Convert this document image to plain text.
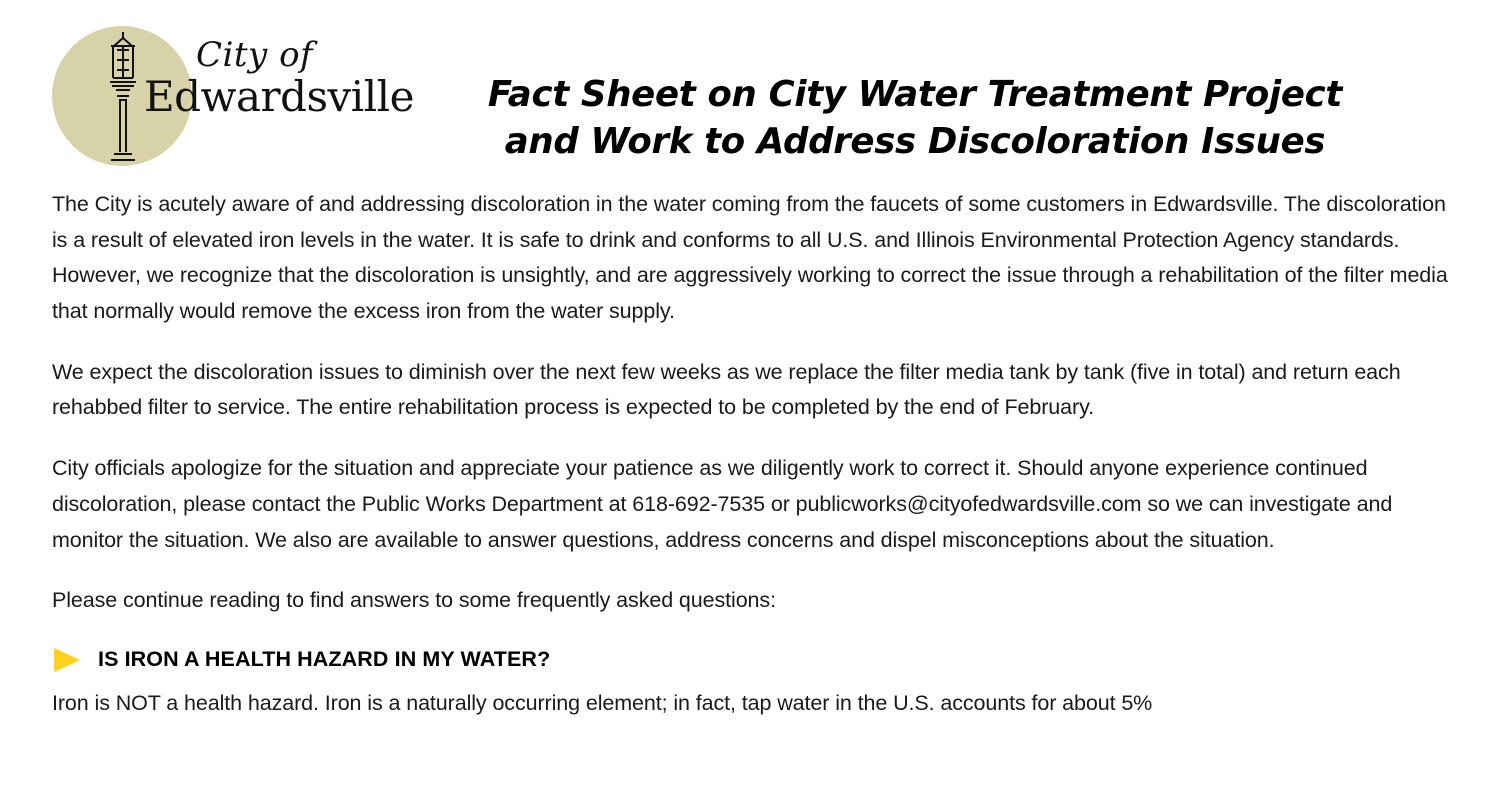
City of
Edwardsville	Fact Sheet on City Water Treatment Project
and Work to Address Discoloration Issues

The City is acutely aware of and addressing discoloration in the water coming from the faucets of some customers in Edwardsville. The discoloration is a result of elevated iron levels in the water. It is safe to drink and conforms to all U.S. and Illinois Environmental Protection Agency standards. However, we recognize that the discoloration is unsightly, and are aggressively working to correct the issue through a rehabilitation of the filter media that normally would remove the excess iron from the water supply.

We expect the discoloration issues to diminish over the next few weeks as we replace the filter media tank by tank (five in total) and return each rehabbed filter to service. The entire rehabilitation process is expected to be completed by the end of February.

City officials apologize for the situation and appreciate your patience as we diligently work to correct it. Should anyone experience continued discoloration, please contact the Public Works Department at 618-692-7535 or publicworks@cityofedwardsville.com so we can investigate and monitor the situation. We also are available to answer questions, address concerns and dispel misconceptions about the situation.

Please continue reading to find answers to some frequently asked questions:

IS IRON A HEALTH HAZARD IN MY WATER?

Iron is NOT a health hazard. Iron is a naturally occurring element; in fact, tap water in the U.S. accounts for about 5%
